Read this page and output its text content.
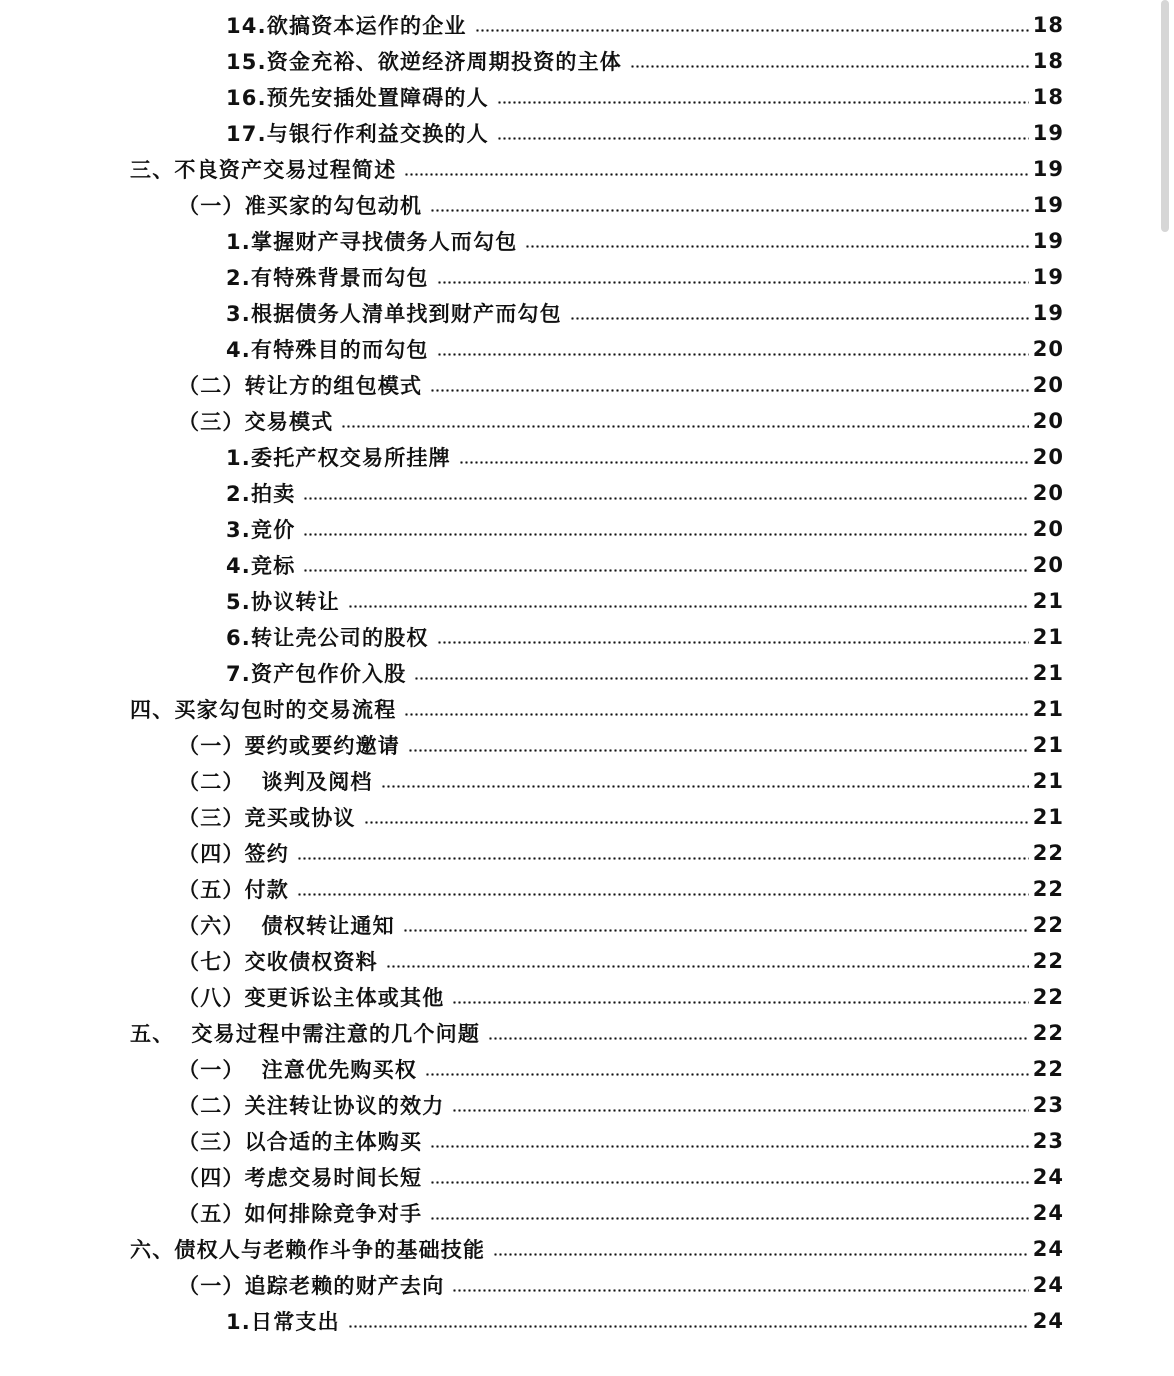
14.欲搞资本运作的企业	18
15.资金充裕、欲逆经济周期投资的主体	18
16.预先安插处置障碍的人	18
17.与银行作利益交换的人	19
三、不良资产交易过程简述	19
（一）准买家的勾包动机	19
1.掌握财产寻找债务人而勾包	19
2.有特殊背景而勾包	19
3.根据债务人清单找到财产而勾包	19
4.有特殊目的而勾包	20
（二）转让方的组包模式	20
（三）交易模式	20
1.委托产权交易所挂牌	20
2.拍卖	20
3.竞价	20
4.竞标	20
5.协议转让	21
6.转让壳公司的股权	21
7.资产包作价入股	21
四、买家勾包时的交易流程	21
（一）要约或要约邀请	21
（二）  谈判及阅档	21
（三）竞买或协议	21
（四）签约	22
（五）付款	22
（六）  债权转让通知	22
（七）交收债权资料	22
（八）变更诉讼主体或其他	22
五、  交易过程中需注意的几个问题	22
（一）  注意优先购买权	22
（二）关注转让协议的效力	23
（三）以合适的主体购买	23
（四）考虑交易时间长短	24
（五）如何排除竞争对手	24
六、债权人与老赖作斗争的基础技能	24
（一）追踪老赖的财产去向	24
1.日常支出	24
